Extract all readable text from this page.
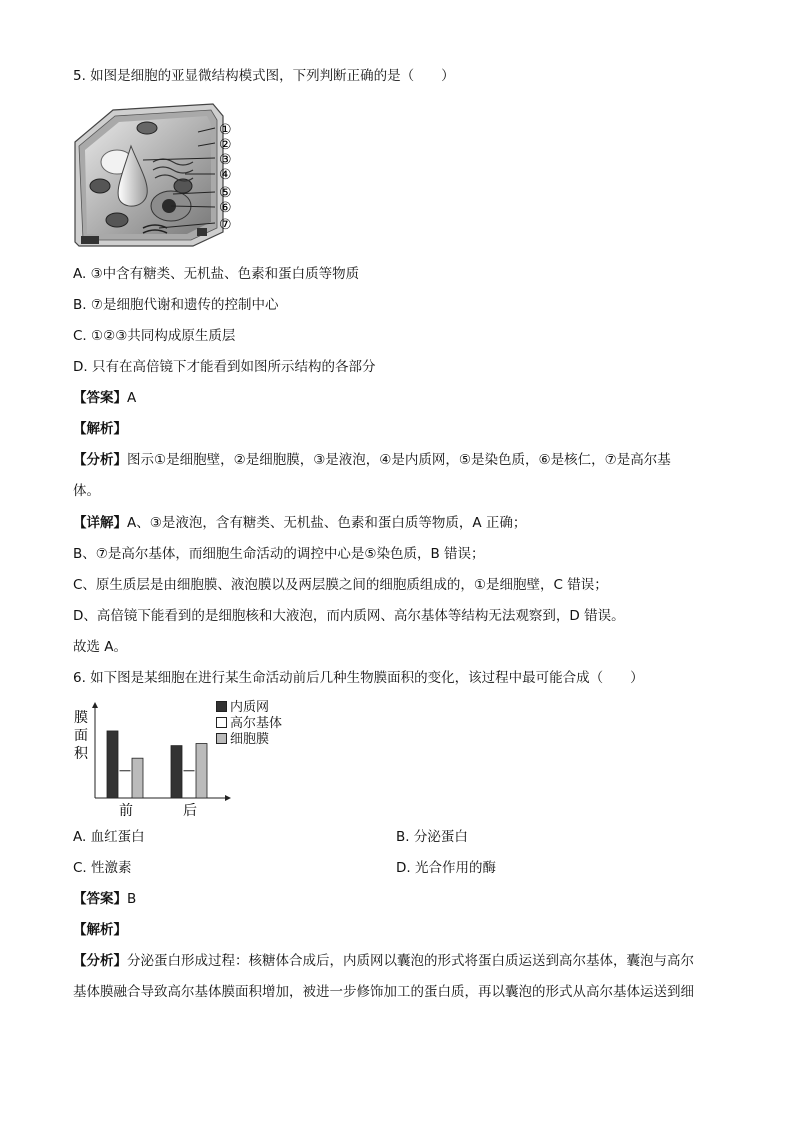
5. 如图是细胞的亚显微结构模式图，下列判断正确的是（　　）
①
②
③
④
⑤
⑥
⑦
A. ③中含有糖类、无机盐、色素和蛋白质等物质
B. ⑦是细胞代谢和遗传的控制中心
C. ①②③共同构成原生质层
D. 只有在高倍镜下才能看到如图所示结构的各部分
【答案】A
【解析】
【分析】图示①是细胞壁，②是细胞膜，③是液泡，④是内质网，⑤是染色质，⑥是核仁，⑦是高尔基
体。
【详解】A、③是液泡，含有糖类、无机盐、色素和蛋白质等物质，A 正确；
B、⑦是高尔基体，而细胞生命活动的调控中心是⑤染色质，B 错误；
C、原生质层是由细胞膜、液泡膜以及两层膜之间的细胞质组成的，①是细胞壁，C 错误；
D、高倍镜下能看到的是细胞核和大液泡，而内质网、高尔基体等结构无法观察到，D 错误。
故选 A。
6. 如下图是某细胞在进行某生命活动前后几种生物膜面积的变化，该过程中最可能合成（　　）
膜
面
积
前	后
内质网
高尔基体
细胞膜
A. 血红蛋白	B. 分泌蛋白
C. 性激素	D. 光合作用的酶
【答案】B
【解析】
【分析】分泌蛋白形成过程：核糖体合成后，内质网以囊泡的形式将蛋白质运送到高尔基体，囊泡与高尔
基体膜融合导致高尔基体膜面积增加，被进一步修饰加工的蛋白质，再以囊泡的形式从高尔基体运送到细
